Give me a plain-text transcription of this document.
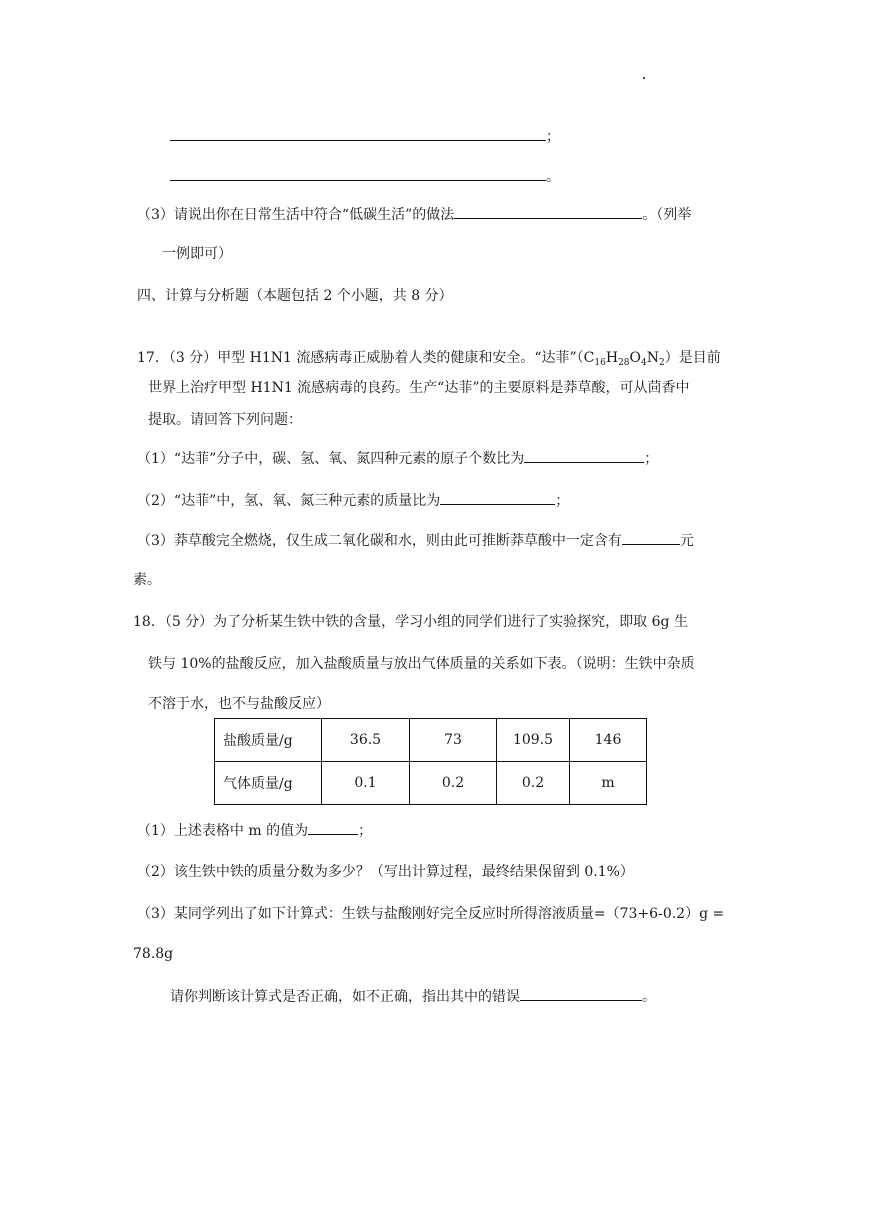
；
。
（3）请说出你在日常生活中符合“低碳生活”的做法	。（列举
一例即可）
四、计算与分析题（本题包括 2 个小题，共 8 分）
17．（3 分）甲型 H1N1 流感病毒正威胁着人类的健康和安全。“达菲$”(C_{16}H_{28}O_4N_2)$是目前
世界上治疗甲型 H1N1 流感病毒的良药。生产“达菲”的主要原料是莽草酸，可从茴香中
提取。请回答下列问题：
（1）“达菲”分子中，碳、氢、氧、氮四种元素的原子个数比为	；
（2）“达菲”中，氢、氧、氮三种元素的质量比为	；
（3）莽草酸完全燃烧，仅生成二氧化碳和水，则由此可推断莽草酸中一定含有	元
素。
18．（5 分）为了分析某生铁中铁的含量，学习小组的同学们进行了实验探究，即取 6g 生
铁与 10%的盐酸反应，加入盐酸质量与放出气体质量的关系如下表。（说明：生铁中杂质
不溶于水，也不与盐酸反应）
盐酸质量/g	36.5	73	109.5	146
气体质量/g	0.1	0.2	0.2	m
（1）上述表格中 m 的值为	；
（2）该生铁中铁的质量分数为多少？（写出计算过程，最终结果保留到 0.1%）
（3）某同学列出了如下计算式：生铁与盐酸刚好完全反应时所得溶液质量=（73+6-0.2）g =
78.8g
请你判断该计算式是否正确，如不正确，指出其中的错误	。
